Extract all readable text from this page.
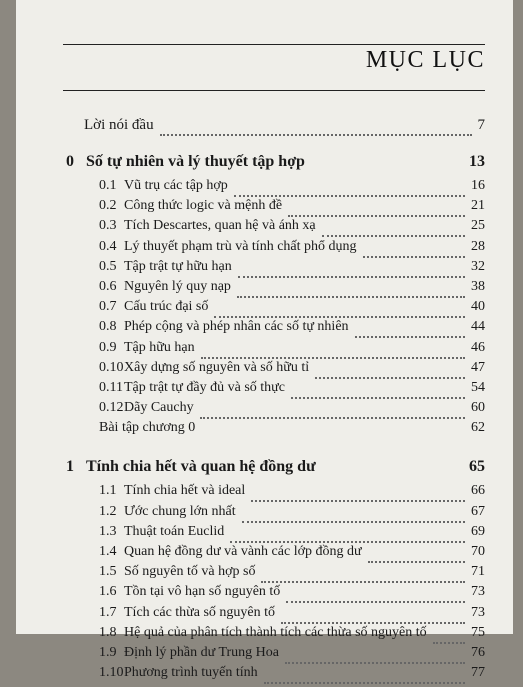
MỤC LỤC
Lời nói đầu	7
0 Số tự nhiên và lý thuyết tập hợp	13
0.1 Vũ trụ các tập hợp	16
0.2 Công thức logic và mệnh đề	21
0.3 Tích Descartes, quan hệ và ánh xạ	25
0.4 Lý thuyết phạm trù và tính chất phổ dụng	28
0.5 Tập trật tự hữu hạn	32
0.6 Nguyên lý quy nạp	38
0.7 Cấu trúc đại số	40
0.8 Phép cộng và phép nhân các số tự nhiên	44
0.9 Tập hữu hạn	46
0.10 Xây dựng số nguyên và số hữu tỉ	47
0.11 Tập trật tự đầy đủ và số thực	54
0.12 Dãy Cauchy	60
Bài tập chương 0	62
1 Tính chia hết và quan hệ đồng dư	65
1.1 Tính chia hết và ideal	66
1.2 Ước chung lớn nhất	67
1.3 Thuật toán Euclid	69
1.4 Quan hệ đồng dư và vành các lớp đồng dư	70
1.5 Số nguyên tố và hợp số	71
1.6 Tồn tại vô hạn số nguyên tố	73
1.7 Tích các thừa số nguyên tố	73
1.8 Hệ quả của phân tích thành tích các thừa số nguyên tố	75
1.9 Định lý phần dư Trung Hoa	76
1.10 Phương trình tuyến tính	77
